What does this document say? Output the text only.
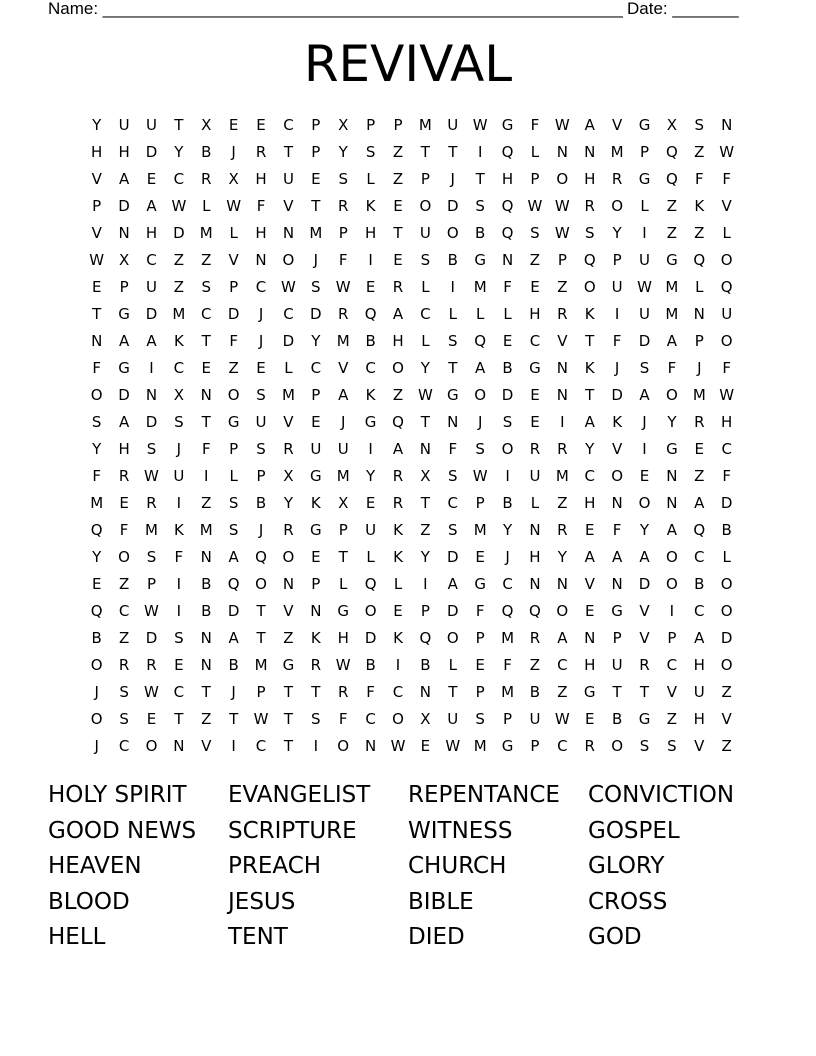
Name: _______________________________________________________ Date: _______
REVIVAL
Y	U	U	T	X	E	E	C	P	X	P	P	M	U W G	F	W A	V	G	X	S	N
H	H	D	Y	B	J	R	T	P	Y	S	Z	T	T	I	Q	L	N	N	M	P	Q	Z W
V	A	E	C	R	X	H	U	E	S	L	Z	P	J	T	H	P	O	H	R	G	Q	F	F
P	D	A W	L	W	F	V	T	R	K	E	O	D	S	Q W W R	O	L	Z	K	V
V	N	H	D	M	L	H	N	M	P	H	T	U	O	B	Q	S	W	S	Y	I	Z	Z	L
W X	C	Z	Z	V	N	O	J	F	I	E	S	B	G	N	Z	P	Q	P	U	G	Q	O
E	P	U	Z	S	P	C W	S	W	E	R	L	I	M	F	E	Z	O	U W M	L	Q
T	G	D	M	C	D	J	C	D	R	Q	A	C	L	L	L	H	R	K	I	U	M	N	U
N	A	A	K	T	F	J	D	Y	M	B	H	L	S	Q	E	C	V	T	F	D	A	P	O
F	G	I	C	E	Z	E	L	C	V	C	O	Y	T	A	B	G	N	K	J	S	F	J	F
O	D	N	X	N	O	S	M	P	A	K	Z W G	O	D	E	N	T	D	A	O	M W
S	A	D	S	T	G	U	V	E	J	G	Q	T	N	J	S	E	I	A	K	J	Y	R	H
Y	H	S	J	F	P	S	R	U	U	I	A	N	F	S	O	R	R	Y	V	I	G	E	C
F	R W U	I	L	P	X	G	M	Y	R	X	S	W	I	U	M	C	O	E	N	Z	F
M	E	R	I	Z	S	B	Y	K	X	E	R	T	C	P	B	L	Z	H	N	O	N	A	D
Q	F	M	K	M	S	J	R	G	P	U	K	Z	S	M	Y	N	R	E	F	Y	A	Q	B
Y	O	S	F	N	A	Q	O	E	T	L	K	Y	D	E	J	H	Y	A	A	A	O	C	L
E	Z	P	I	B	Q	O	N	P	L	Q	L	I	A	G	C	N	N	V	N	D	O	B	O
Q	C W	I	B	D	T	V	N	G	O	E	P	D	F	Q	Q	O	E	G	V	I	C	O
B	Z	D	S	N	A	T	Z	K	H	D	K	Q	O	P	M	R	A	N	P	V	P	A	D
O	R	R	E	N	B	M	G	R W B	I	B	L	E	F	Z	C	H	U	R	C	H	O
J	S	W C	T	J	P	T	T	R	F	C	N	T	P	M	B	Z	G	T	T	V	U	Z
O	S	E	T	Z	T	W	T	S	F	C	O	X	U	S	P	U W	E	B	G	Z	H	V
J	C	O	N	V	I	C	T	I	O	N W	E	W M	G	P	C	R	O	S	S	V	Z
HOLY SPIRIT	EVANGELIST	REPENTANCE	CONVICTION
GOOD NEWS	SCRIPTURE	WITNESS	GOSPEL
HEAVEN	PREACH	CHURCH	GLORY
BLOOD	JESUS	BIBLE	CROSS
HELL	TENT	DIED	GOD
